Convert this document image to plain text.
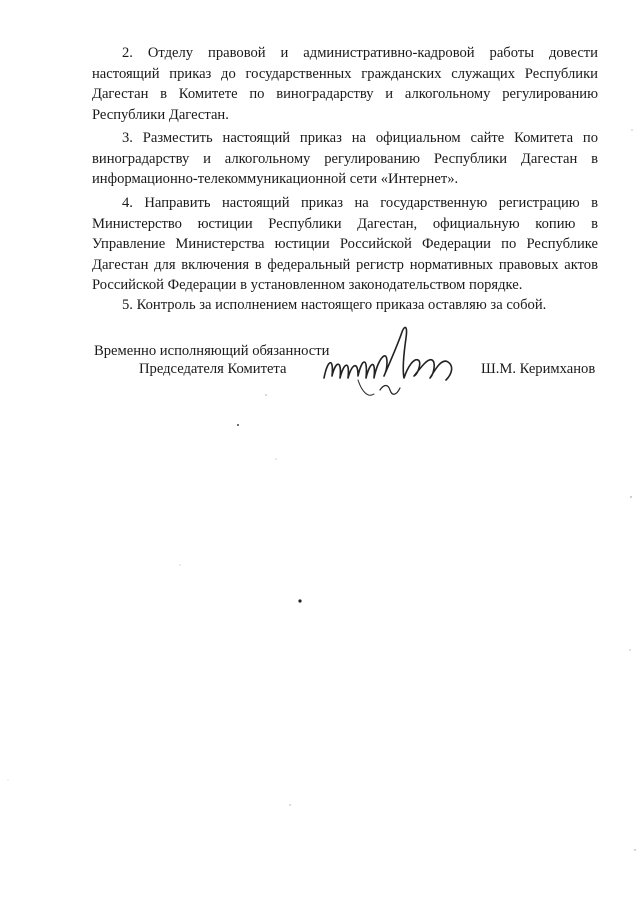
2. Отделу правовой и административно-кадровой работы довести настоящий приказ до государственных гражданских служащих Республики Дагестан в Комитете по виноградарству и алкогольному регулированию Республики Дагестан.

3. Разместить настоящий приказ на официальном сайте Комитета по виноградарству и алкогольному регулированию Республики Дагестан в информационно-телекоммуникационной сети «Интернет».

4. Направить настоящий приказ на государственную регистрацию в Министерство юстиции Республики Дагестан, официальную копию в Управление Министерства юстиции Российской Федерации по Республике Дагестан для включения в федеральный регистр нормативных правовых актов Российской Федерации в установленном законодательством порядке.

5. Контроль за исполнением настоящего приказа оставляю за собой.

Временно исполняющий обязанности

Председателя Комитета	Ш.М. Керимханов
